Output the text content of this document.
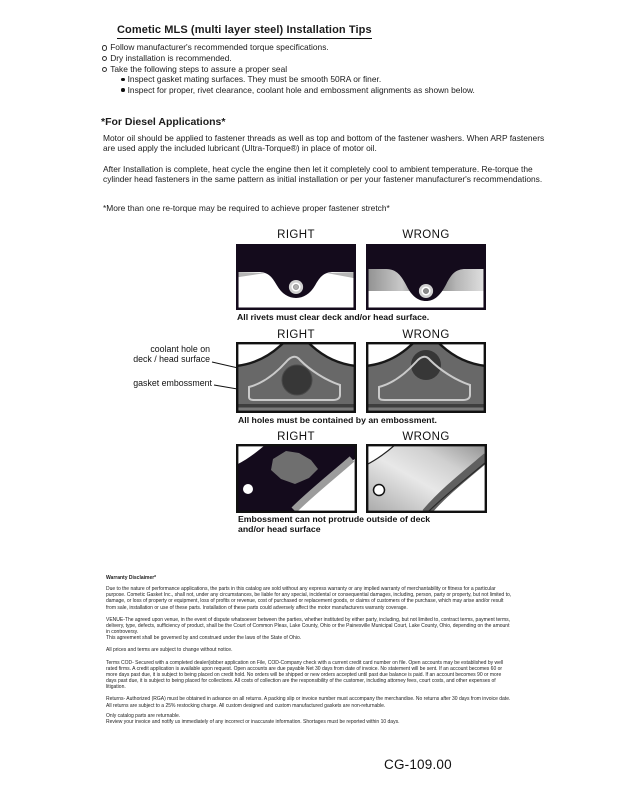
Cometic MLS (multi layer steel) Installation Tips
Follow manufacturer's recommended torque specifications.
Dry installation is recommended.
Take the following steps to assure a proper seal
Inspect gasket mating surfaces. They must be smooth 50RA or finer.
Inspect for proper, rivet clearance, coolant hole and embossment alignments as shown below.
*For Diesel Applications*
Motor oil should be applied to fastener threads as well as top and bottom of the fastener washers. When ARP fasteners are used apply the included lubricant (Ultra-Torque®) in place of motor oil.
After Installation is complete, heat cycle the engine then let it completely cool to ambient temperature. Re-torque the cylinder head fasteners in the same pattern as initial installation or per your fastener manufacturer's recommendations.
*More than one re-torque may be required to achieve proper fastener stretch*
RIGHT	WRONG
All rivets must clear deck and/or head surface.
RIGHT	WRONG
coolant hole on
deck / head surface
gasket embossment
All holes must be contained by an embossment.
RIGHT	WRONG
Embossment can not protrude outside of deck
and/or head surface
Warranty Disclaimer*

Due to the nature of performance applications, the parts in this catalog are sold without any express warranty or any implied warranty of merchantability or fitness for a particular purpose. Cometic Gasket Inc., shall not, under any circumstances, be liable for any special, incidental or consequential damages, including, person, party or property, but not limited to, damage, or loss of property or equipment, loss of profits or revenue, cost of purchased or replacement goods, or claims of customers of the purchase, which may arise and/or result from sale, installation or use of these parts. Installation of these parts could adversely affect the motor manufacturers warranty coverage.

VENUE-The agreed upon venue, in the event of dispute whatsoever between the parties, whether instituted by either party, including, but not limited to, contract terms, payment terms, delivery, type, defects, sufficiency of product, shall be the Court of Common Pleas, Lake County, Ohio or the Painesville Municipal Court, Lake County, Ohio, depending on the amount in controversy.

This agreement shall be governed by and construed under the laws of the State of Ohio.

All prices and terms are subject to change without notice.

Terms COD- Secured with a completed dealer/jobber application on File, COD-Company check with a current credit card number on file. Open accounts may be established by well rated firms. A credit application is available upon request. Open accounts are due payable Net 30 days from date of invoice. No statement will be sent. If an account becomes 60 or more days past due, it is subject to being placed on credit hold. No orders will be shipped or new orders accepted until past due balance is paid. If an account becomes 90 or more days past due, it is subject to being placed for collections. All costs of collection are the responsibility of the customer, including attorney fees, court costs, and other expenses of litigation.

Returns- Authorized (RGA) must be obtained in advance on all returns. A packing slip or invoice number must accompany the merchandise. No returns after 30 days from invoice date. All returns are subject to a 25% restocking charge. All custom designed and custom manufactured gaskets are non-returnable.

Only catalog parts are returnable.
Review your invoice and notify us immediately of any incorrect or inaccurate information. Shortages must be reported within 10 days.
CG-109.00
